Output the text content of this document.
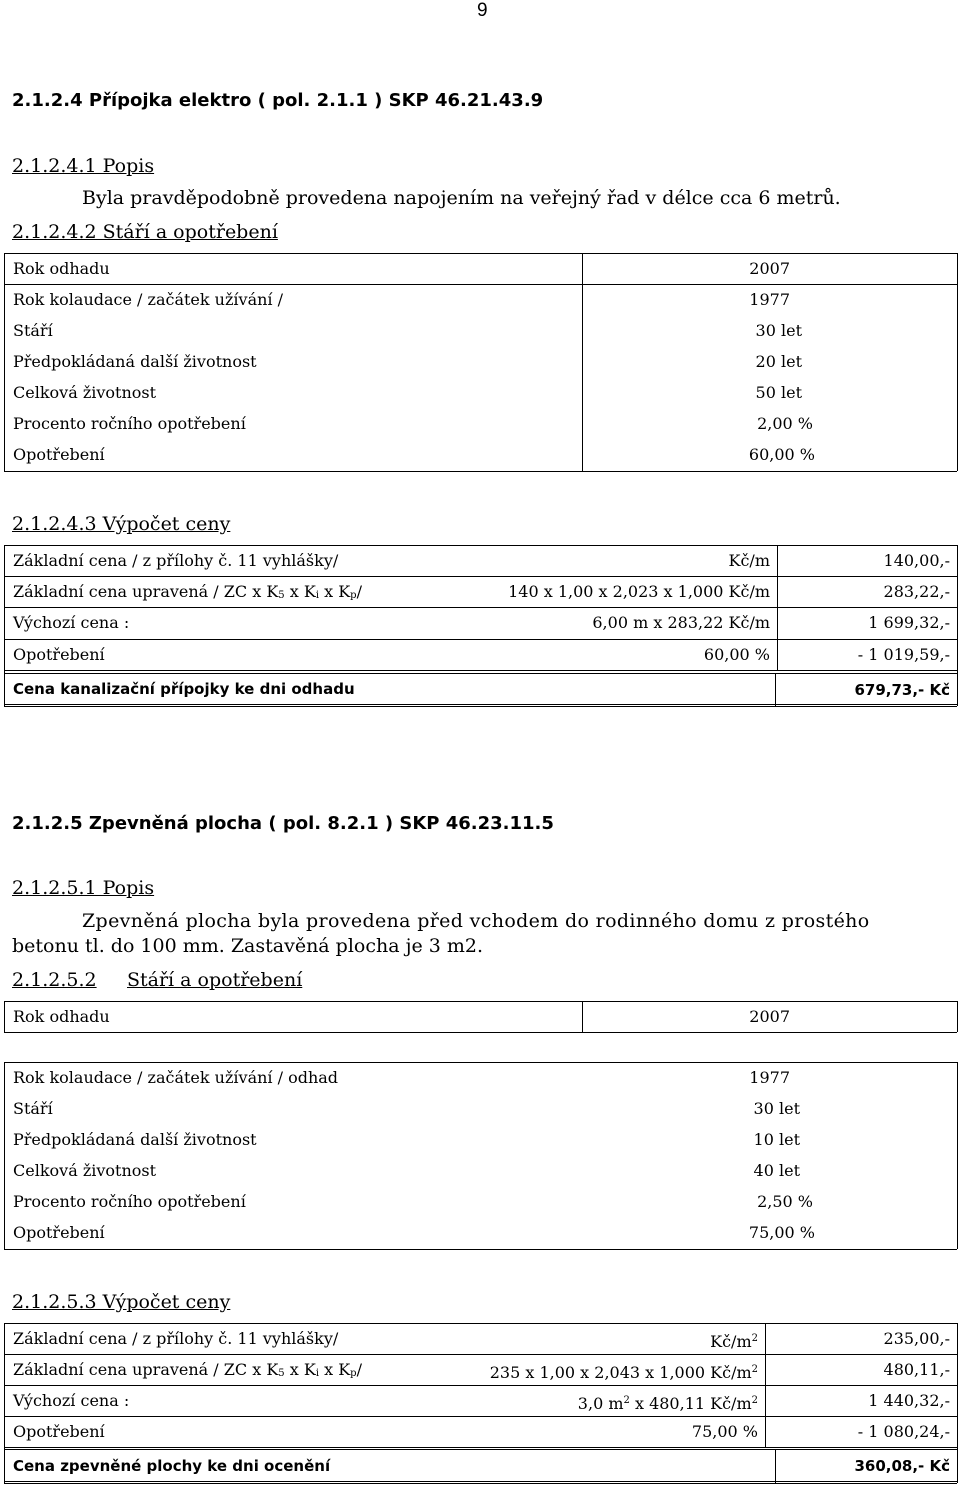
9
2.1.2.4 Přípojka elektro ( pol. 2.1.1 ) SKP 46.21.43.9
2.1.2.4.1 Popis
Byla pravděpodobně provedena napojením na veřejný řad v délce cca 6 metrů.
2.1.2.4.2 Stáří a opotřebení
Rok odhadu	2007
Rok kolaudace / začátek užívání /	1977
Stáří	30 let
Předpokládaná další životnost	20 let
Celková životnost	50 let
Procento ročního opotřebení	2,00 %
Opotřebení	60,00 %
2.1.2.4.3 Výpočet ceny
Základní cena / z přílohy č. 11 vyhlášky/	Kč/m	140,00,-
Základní cena upravená / ZC x $K_5$ x $K_i$ x $K_p/$	140 x 1,00 x 2,023 x 1,000 Kč/m	283,22,-
Výchozí cena :	6,00 m x 283,22 Kč/m	1 699,32,-
Opotřebení	60,00 %	- 1 019,59,-
Cena kanalizační přípojky ke dni odhadu	679,73,- Kč
2.1.2.5 Zpevněná plocha ( pol. 8.2.1 ) SKP 46.23.11.5
2.1.2.5.1 Popis
Zpevněná plocha byla provedena před vchodem do rodinného domu z prostého
betonu tl. do 100 mm. Zastavěná plocha je 3 m2.
2.1.2.5.2 Stáří a opotřebení
Rok odhadu	2007
Rok kolaudace / začátek užívání / odhad	1977
Stáří	30 let
Předpokládaná další životnost	10 let
Celková životnost	40 let
Procento ročního opotřebení	2,50 %
Opotřebení	75,00 %
2.1.2.5.3 Výpočet ceny
Základní cena / z přílohy č. 11 vyhlášky/	$Kč/m^2$	235,00,-
Základní cena upravená / ZC x $K_5$ x $K_i$ x $K_p/$	235 x 1,00 x 2,043 x 1,000 $Kč/m^2$	480,11,-
Výchozí cena :	3,0 $m^2$ x 480,11 $Kč/m^2$	1 440,32,-
Opotřebení	75,00 %	- 1 080,24,-
Cena zpevněné plochy ke dni ocenění	360,08,- Kč
